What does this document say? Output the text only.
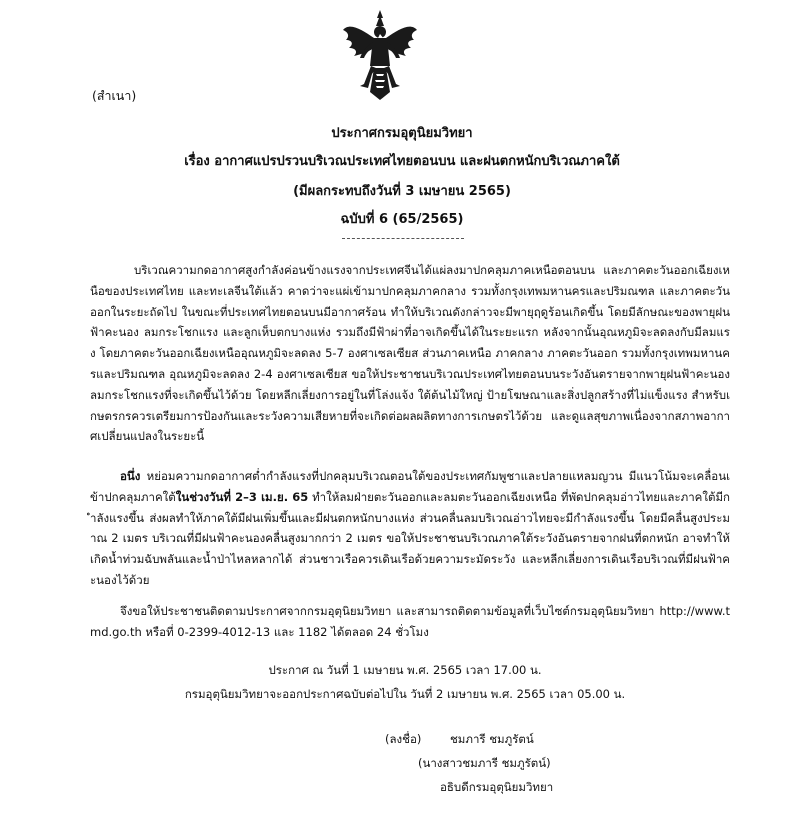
(สำเนา)
ประกาศกรมอุตุนิยมวิทยา
เรื่อง อากาศแปรปรวนบริเวณประเทศไทยตอนบน และฝนตกหนักบริเวณภาคใต้
(มีผลกระทบถึงวันที่ 3 เมษายน 2565)
ฉบับที่ 6 (65/2565)

บริเวณความกดอากาศสูงกำลังค่อนข้างแรงจากประเทศจีนได้แผ่ลงมาปกคลุมภาคเหนือตอนบน และภาคตะวันออกเฉียงเหนือของประเทศไทย และทะเลจีนใต้แล้ว คาดว่าจะแผ่เข้ามาปกคลุมภาคกลาง รวมทั้งกรุงเทพมหานครและปริมณฑล และภาคตะวันออกในระยะถัดไป ในขณะที่ประเทศไทยตอนบนมีอากาศร้อน ทำให้บริเวณดังกล่าวจะมีพายุฤดูร้อนเกิดขึ้น โดยมีลักษณะของพายุฝนฟ้าคะนอง ลมกระโชกแรง และลูกเห็บตกบางแห่ง รวมถึงมีฟ้าผ่าที่อาจเกิดขึ้นได้ในระยะแรก หลังจากนั้นอุณหภูมิจะลดลงกับมีลมแรง โดยภาคตะวันออกเฉียงเหนืออุณหภูมิจะลดลง 5-7 องศาเซลเซียส ส่วนภาคเหนือ ภาคกลาง ภาคตะวันออก รวมทั้งกรุงเทพมหานครและปริมณฑล อุณหภูมิจะลดลง 2-4 องศาเซลเซียส ขอให้ประชาชนบริเวณประเทศไทยตอนบนระวังอันตรายจากพายุฝนฟ้าคะนอง ลมกระโชกแรงที่จะเกิดขึ้นไว้ด้วย โดยหลีกเลี่ยงการอยู่ในที่โล่งแจ้ง ใต้ต้นไม้ใหญ่ ป้ายโฆษณาและสิ่งปลูกสร้างที่ไม่แข็งแรง สำหรับเกษตรกรควรเตรียมการป้องกันและระวังความเสียหายที่จะเกิดต่อผลผลิตทางการเกษตรไว้ด้วย และดูแลสุขภาพเนื่องจากสภาพอากาศเปลี่ยนแปลงในระยะนี้

อนึ่ง หย่อมความกดอากาศต่ำกำลังแรงที่ปกคลุมบริเวณตอนใต้ของประเทศกัมพูชาและปลายแหลมญวน มีแนวโน้มจะเคลื่อนเข้าปกคลุมภาคใต้ในช่วงวันที่ 2–3 เม.ย. 65 ทำให้ลมฝ่ายตะวันออกและลมตะวันออกเฉียงเหนือ ที่พัดปกคลุมอ่าวไทยและภาคใต้มีกำลังแรงขึ้น ส่งผลทำให้ภาคใต้มีฝนเพิ่มขึ้นและมีฝนตกหนักบางแห่ง ส่วนคลื่นลมบริเวณอ่าวไทยจะมีกำลังแรงขึ้น โดยมีคลื่นสูงประมาณ 2 เมตร บริเวณที่มีฝนฟ้าคะนองคลื่นสูงมากกว่า 2 เมตร ขอให้ประชาชนบริเวณภาคใต้ระวังอันตรายจากฝนที่ตกหนัก อาจทำให้เกิดน้ำท่วมฉับพลันและน้ำป่าไหลหลากได้ ส่วนชาวเรือควรเดินเรือด้วยความระมัดระวัง และหลีกเลี่ยงการเดินเรือบริเวณที่มีฝนฟ้าคะนองไว้ด้วย

จึงขอให้ประชาชนติดตามประกาศจากกรมอุตุนิยมวิทยา และสามารถติดตามข้อมูลที่เว็บไซต์กรมอุตุนิยมวิทยา http://www.tmd.go.th หรือที่ 0-2399-4012-13 และ 1182 ได้ตลอด 24 ชั่วโมง

ประกาศ ณ วันที่ 1 เมษายน พ.ศ. 2565 เวลา 17.00 น.
กรมอุตุนิยมวิทยาจะออกประกาศฉบับต่อไปใน วันที่ 2 เมษายน พ.ศ. 2565 เวลา 05.00 น.
(ลงชื่อ) ชมภารี ชมภูรัตน์
(นางสาวชมภารี ชมภูรัตน์)
อธิบดีกรมอุตุนิยมวิทยา
